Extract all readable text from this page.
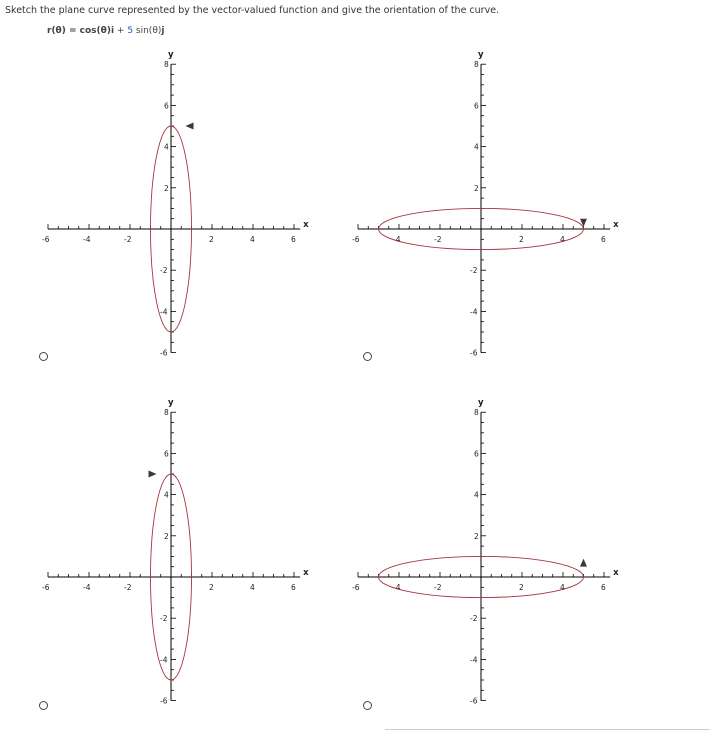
Sketch the plane curve represented by the vector-valued function and give the orientation of the curve.
r(θ) = cos(θ)i + 5 sin(θ)j
-6	-4	-2	2	4	6
-6
-4
-2
2
4
6
8
x
y
-6	-4	-2	2	4	6
-6
-4
-2
2
4
6
8
x
y
-6	-4	-2	2	4	6
-6
-4
-2
2
4
6
8
x
y
-6	-4	-2	2	4	6
-6
-4
-2
2
4
6
8
x
y
